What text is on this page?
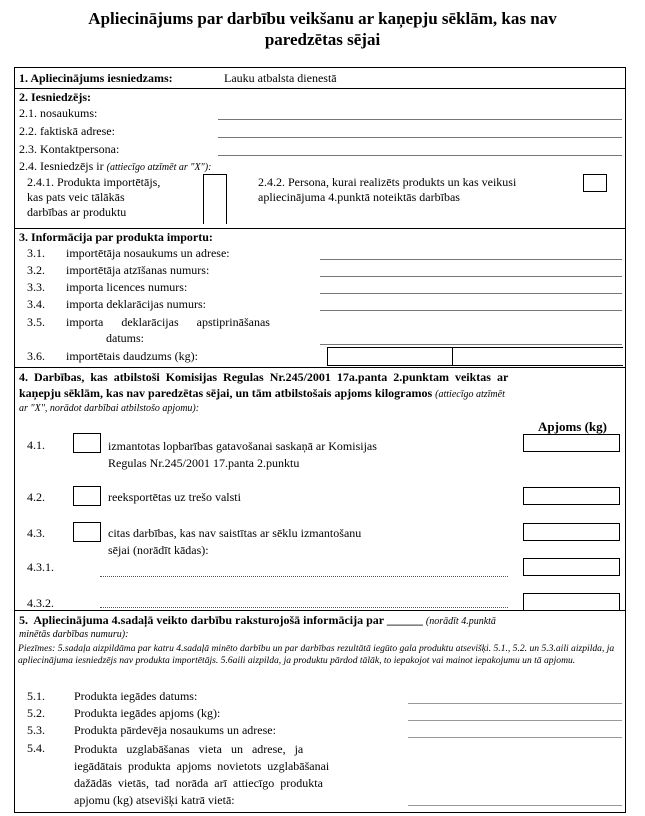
Apliecinājums par darbību veikšanu ar kaņepju sēklām, kas nav
paredzētas sējai
1. Apliecinājums iesniedzams:	Lauku atbalsta dienestā
2. Iesniedzējs:
2.1. nosaukums:
2.2. faktiskā adrese:
2.3. Kontaktpersona:
2.4. Iesniedzējs ir (attiecīgo atzīmēt ar "X"):
2.4.1. Produkta importētājs,
kas pats veic tālākās
darbības ar produktu
2.4.2. Persona, kurai realizēts produkts un kas veikusi
apliecinājuma 4.punktā noteiktās darbības
3. Informācija par produkta importu:
3.1. importētāja nosaukums un adrese:
3.2. importētāja atzīšanas numurs:
3.3. importa licences numurs:
3.4. importa deklarācijas numurs:
3.5. importa      deklarācijas      apstiprināšanas
datums:
3.6. importētais daudzums (kg):
4.  Darbības,  kas  atbilstoši  Komisijas  Regulas  Nr.245/2001  17a.panta  2.punktam  veiktas  ar
kaņepju sēklām, kas nav paredzētas sējai, un tām atbilstošais apjoms kilogramos (attiecīgo atzīmēt
ar "X", norādot darbībai atbilstošo apjomu):
Apjoms (kg)
4.1.	izmantotas lopbarības gatavošanai saskaņā ar Komisijas
Regulas Nr.245/2001 17.panta 2.punktu
4.2.	reeksportētas uz trešo valsti
4.3.	citas darbības, kas nav saistītas ar sēklu izmantošanu
sējai (norādīt kādas):
4.3.1.
4.3.2.
5.  Apliecinājuma 4.sadaļā veikto darbību raksturojošā informācija par ______ (norādīt 4.punktā
minētās darbības numuru):
Piezīmes: 5.sadaļa aizpildāma par katru 4.sadaļā minēto darbību un par darbības rezultātā iegūto gala produktu atsevišķi. 5.1., 5.2. un 5.3.aili aizpilda, ja apliecinājuma iesniedzējs nav produkta importētājs. 5.6aili aizpilda, ja produktu pārdod tālāk, to iepakojot vai mainot iepakojumu un tā apjomu.
5.1. Produkta iegādes datums:
5.2. Produkta iegādes apjoms (kg):
5.3. Produkta pārdevēja nosaukums un adrese:
5.4. Produkta   uzglabāšanas   vieta   un   adrese,   ja
iegādātais  produkta  apjoms  novietots  uzglabāšanai
dažādās  vietās,  tad  norāda  arī  attiecīgo  produkta
apjomu (kg) atsevišķi katrā vietā:
